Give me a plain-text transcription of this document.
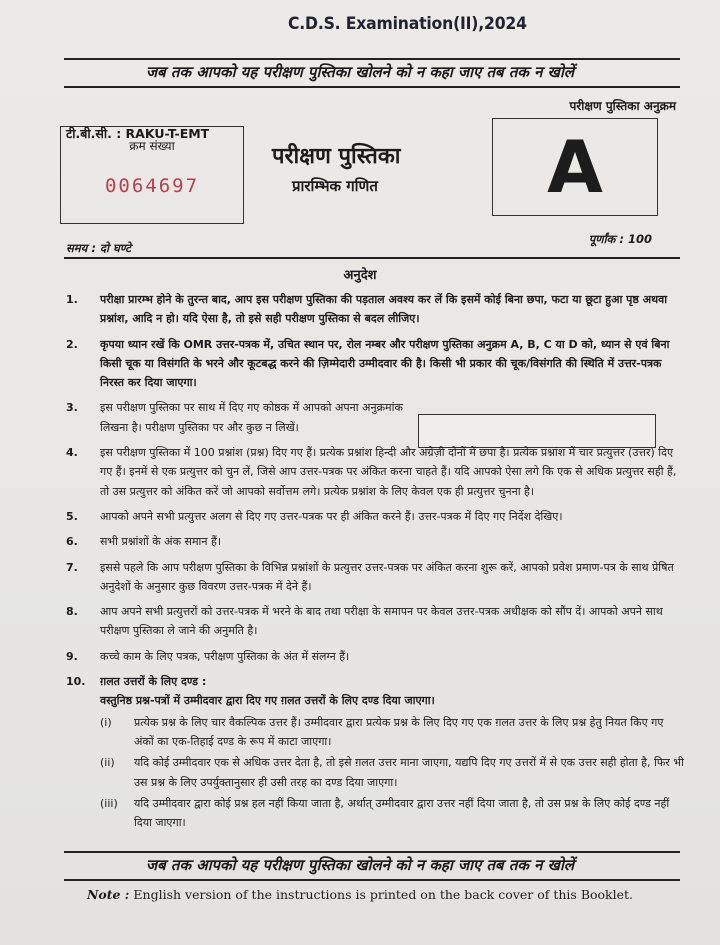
C.D.S. Examination(II),2024
जब तक आपको यह परीक्षण पुस्तिका खोलने को न कहा जाए तब तक न खोलें
टी.बी.सी. : RAKU-T-EMT
परीक्षण पुस्तिका अनुक्रम
क्रम संख्या
0064697
परीक्षण पुस्तिका
प्रारम्भिक गणित	A
समय : दो घण्टे
पूर्णांक : 100
अनुदेश
1. परीक्षा प्रारम्भ होने के तुरन्त बाद, आप इस परीक्षण पुस्तिका की पड़ताल अवश्य कर लें कि इसमें कोई बिना छपा, फटा या छूटा हुआ पृष्ठ अथवा प्रश्नांश, आदि न हो। यदि ऐसा है, तो इसे सही परीक्षण पुस्तिका से बदल लीजिए।
2. कृपया ध्यान रखें कि OMR उत्तर-पत्रक में, उचित स्थान पर, रोल नम्बर और परीक्षण पुस्तिका अनुक्रम A, B, C या D को, ध्यान से एवं बिना किसी चूक या विसंगति के भरने और कूटबद्ध करने की ज़िम्मेदारी उम्मीदवार की है। किसी भी प्रकार की चूक/विसंगति की स्थिति में उत्तर-पत्रक निरस्त कर दिया जाएगा।
3. इस परीक्षण पुस्तिका पर साथ में दिए गए कोष्ठक में आपको अपना अनुक्रमांक लिखना है। परीक्षण पुस्तिका पर और कुछ न लिखें।
4. इस परीक्षण पुस्तिका में 100 प्रश्नांश (प्रश्न) दिए गए हैं। प्रत्येक प्रश्नांश हिन्दी और अंग्रेज़ी दोनों में छपा है। प्रत्येक प्रश्नांश में चार प्रत्युत्तर (उत्तर) दिए गए हैं। इनमें से एक प्रत्युत्तर को चुन लें, जिसे आप उत्तर-पत्रक पर अंकित करना चाहते हैं। यदि आपको ऐसा लगे कि एक से अधिक प्रत्युत्तर सही हैं, तो उस प्रत्युत्तर को अंकित करें जो आपको सर्वोत्तम लगे। प्रत्येक प्रश्नांश के लिए केवल एक ही प्रत्युत्तर चुनना है।
5. आपको अपने सभी प्रत्युत्तर अलग से दिए गए उत्तर-पत्रक पर ही अंकित करने हैं। उत्तर-पत्रक में दिए गए निर्देश देखिए।
6. सभी प्रश्नांशों के अंक समान हैं।
7. इससे पहले कि आप परीक्षण पुस्तिका के विभिन्न प्रश्नांशों के प्रत्युत्तर उत्तर-पत्रक पर अंकित करना शुरू करें, आपको प्रवेश प्रमाण-पत्र के साथ प्रेषित अनुदेशों के अनुसार कुछ विवरण उत्तर-पत्रक में देने हैं।
8. आप अपने सभी प्रत्युत्तरों को उत्तर-पत्रक में भरने के बाद तथा परीक्षा के समापन पर केवल उत्तर-पत्रक अधीक्षक को सौंप दें। आपको अपने साथ परीक्षण पुस्तिका ले जाने की अनुमति है।
9. कच्चे काम के लिए पत्रक, परीक्षण पुस्तिका के अंत में संलग्न हैं।
10. ग़लत उत्तरों के लिए दण्ड :
वस्तुनिष्ठ प्रश्न-पत्रों में उम्मीदवार द्वारा दिए गए ग़लत उत्तरों के लिए दण्ड दिया जाएगा।
(i) प्रत्येक प्रश्न के लिए चार वैकल्पिक उत्तर हैं। उम्मीदवार द्वारा प्रत्येक प्रश्न के लिए दिए गए एक ग़लत उत्तर के लिए प्रश्न हेतु नियत किए गए अंकों का एक-तिहाई दण्ड के रूप में काटा जाएगा।
(ii) यदि कोई उम्मीदवार एक से अधिक उत्तर देता है, तो इसे ग़लत उत्तर माना जाएगा, यद्यपि दिए गए उत्तरों में से एक उत्तर सही होता है, फिर भी उस प्रश्न के लिए उपर्युक्तानुसार ही उसी तरह का दण्ड दिया जाएगा।
(iii) यदि उम्मीदवार द्वारा कोई प्रश्न हल नहीं किया जाता है, अर्थात् उम्मीदवार द्वारा उत्तर नहीं दिया जाता है, तो उस प्रश्न के लिए कोई दण्ड नहीं दिया जाएगा।
जब तक आपको यह परीक्षण पुस्तिका खोलने को न कहा जाए तब तक न खोलें
Note : English version of the instructions is printed on the back cover of this Booklet.
